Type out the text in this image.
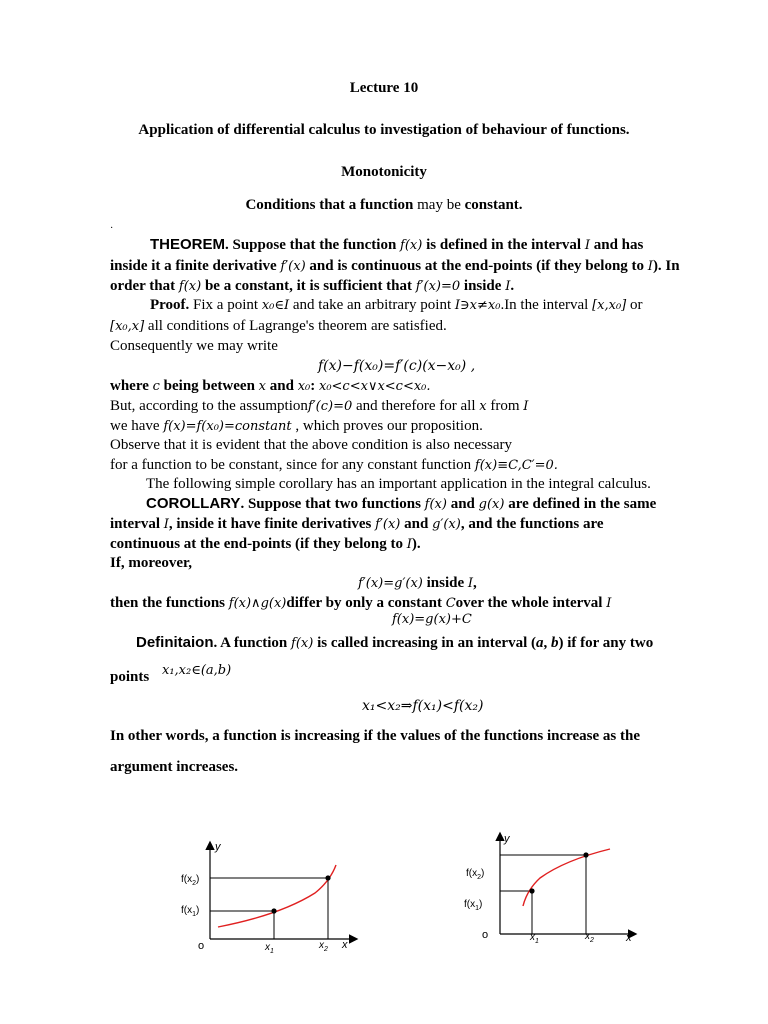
Lecture 10
Application of differential calculus to investigation of behaviour of functions.
Monotonicity
Conditions that a function may be constant.
·
THEOREM. Suppose that the function f(x) is defined in the interval I and has
inside it a finite derivative f′(x) and is continuous at the end-points (if they belong to I). In
order that f(x) be a constant, it is sufficient that f′(x)=0 inside I.
Proof. Fix a point x₀∈I and take an arbitrary point I∋x≠x₀.In the interval [x,x₀] or
[x₀,x] all conditions of Lagrange's theorem are satisfied.
Consequently we may write
f(x)−f(x₀)=f′(c)(x−x₀) ,
where c being between x and x₀: x₀<c<x∨x<c<x₀.
But, according to the assumptionf′(c)=0 and therefore for all x from I
we have f(x)=f(x₀)=constant , which proves our proposition.
Observe that it is evident that the above condition is also necessary
for a function to be constant, since for any constant function f(x)≡C,C′=0.
The following simple corollary has an important application in the integral calculus.
COROLLARY. Suppose that two functions f(x) and g(x) are defined in the same
interval I, inside it have finite derivatives f′(x) and g′(x), and the functions are
continuous at the end-points (if they belong to I).
If, moreover,
f′(x)=g′(x) inside I,
then the functions f(x)∧g(x)differ by only a constant Cover the whole interval I
f(x)=g(x)+C
Definitaion. A function f(x) is called increasing in an interval (a, b) if for any two
points x₁,x₂∈(a,b)
x₁<x₂⇒f(x₁)<f(x₂)
In other words, a function is increasing if the values of the functions increase as the
argument increases.
y
x
o
$f(x_2)$
$f(x_1)$
$x_1$
$x_2$
y
x
o
$f(x_2)$
$f(x_1)$
$x_1$	$x_2$
